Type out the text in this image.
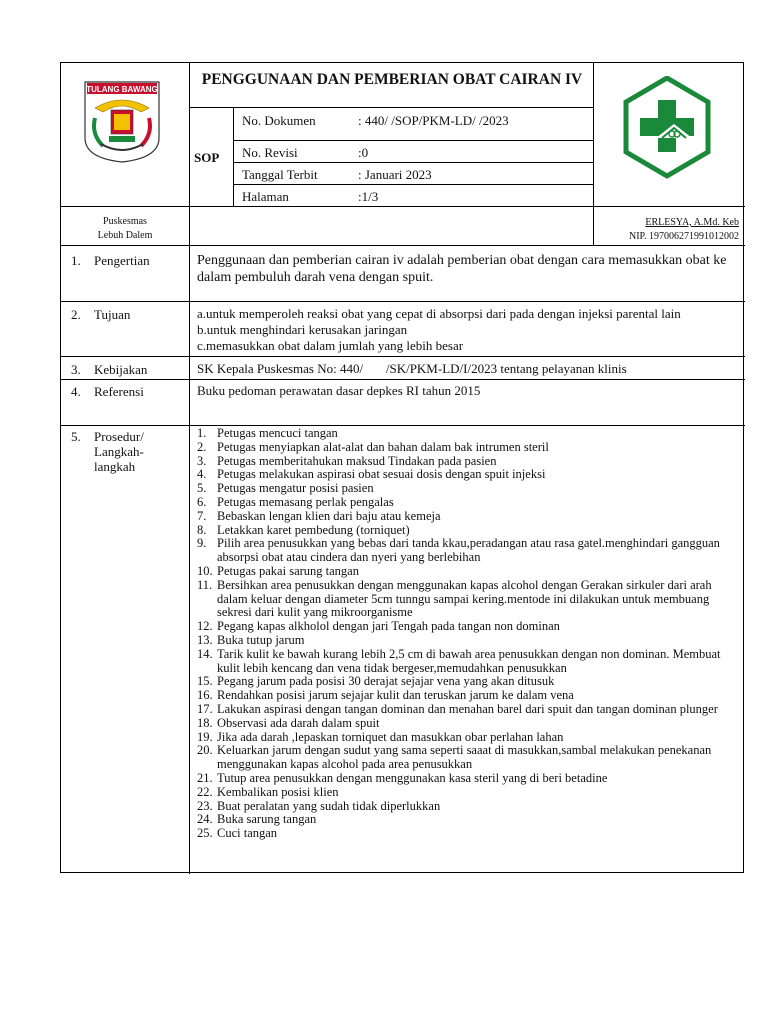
TULANG BAWANG
PENGGUNAAN DAN PEMBERIAN OBAT CAIRAN IV
SOP
No. Dokumen	: 440/ /SOP/PKM-LD/ /2023
No. Revisi	:0
Tanggal Terbit	: Januari 2023
Halaman	:1/3
Puskesmas
Lebuh Dalem
ERLESYA, A.Md. Keb
NIP. 197006271991012002
1. Pengertian	Penggunaan dan pemberian cairan iv adalah pemberian obat dengan cara memasukkan obat ke dalam pembuluh darah vena dengan spuit.
2. Tujuan	a.untuk memperoleh reaksi obat yang cepat di absorpsi dari pada dengan injeksi parental lain
b.untuk menghindari kerusakan jaringan
c.memasukkan obat dalam jumlah yang lebih besar
3. Kebijakan	SK Kepala Puskesmas No: 440/       /SK/PKM-LD/I/2023 tentang pelayanan klinis
4. Referensi	Buku pedoman perawatan dasar depkes RI tahun 2015
5. Prosedur/ Langkah-langkah
1. Petugas mencuci tangan
2. Petugas menyiapkan alat-alat dan bahan dalam bak intrumen steril
3. Petugas memberitahukan maksud Tindakan pada pasien
4. Petugas melakukan aspirasi obat sesuai dosis dengan spuit injeksi
5. Petugas mengatur posisi pasien
6. Petugas memasang perlak pengalas
7. Bebaskan lengan klien dari baju atau kemeja
8. Letakkan karet pembedung (torniquet)
9. Pilih area penusukkan yang bebas dari tanda kkau,peradangan atau rasa gatel.menghindari gangguan absorpsi obat atau cindera dan nyeri yang berlebihan
10. Petugas pakai sarung tangan
11. Bersihkan area penusukkan dengan menggunakan kapas alcohol dengan Gerakan sirkuler dari arah dalam keluar dengan diameter 5cm tunngu sampai kering.mentode ini dilakukan untuk membuang sekresi dari kulit yang mikroorganisme
12. Pegang kapas alkholol dengan jari Tengah pada tangan non dominan
13. Buka tutup jarum
14. Tarik kulit ke bawah kurang lebih 2,5 cm di bawah area penusukkan dengan non dominan. Membuat kulit lebih kencang dan vena tidak bergeser,memudahkan penusukkan
15. Pegang jarum pada posisi 30 derajat sejajar vena yang akan ditusuk
16. Rendahkan posisi jarum sejajar kulit dan teruskan jarum ke dalam vena
17. Lakukan aspirasi dengan tangan dominan dan menahan barel dari spuit dan tangan dominan plunger
18. Observasi ada darah dalam spuit
19. Jika ada darah ,lepaskan torniquet dan masukkan obar perlahan lahan
20. Keluarkan jarum dengan sudut yang sama seperti saaat di masukkan,sambal melakukan penekanan menggunakan kapas alcohol pada area penusukkan
21. Tutup area penusukkan dengan menggunakan kasa steril yang di beri betadine
22. Kembalikan posisi klien
23. Buat peralatan yang sudah tidak diperlukkan
24. Buka sarung tangan
25. Cuci tangan
